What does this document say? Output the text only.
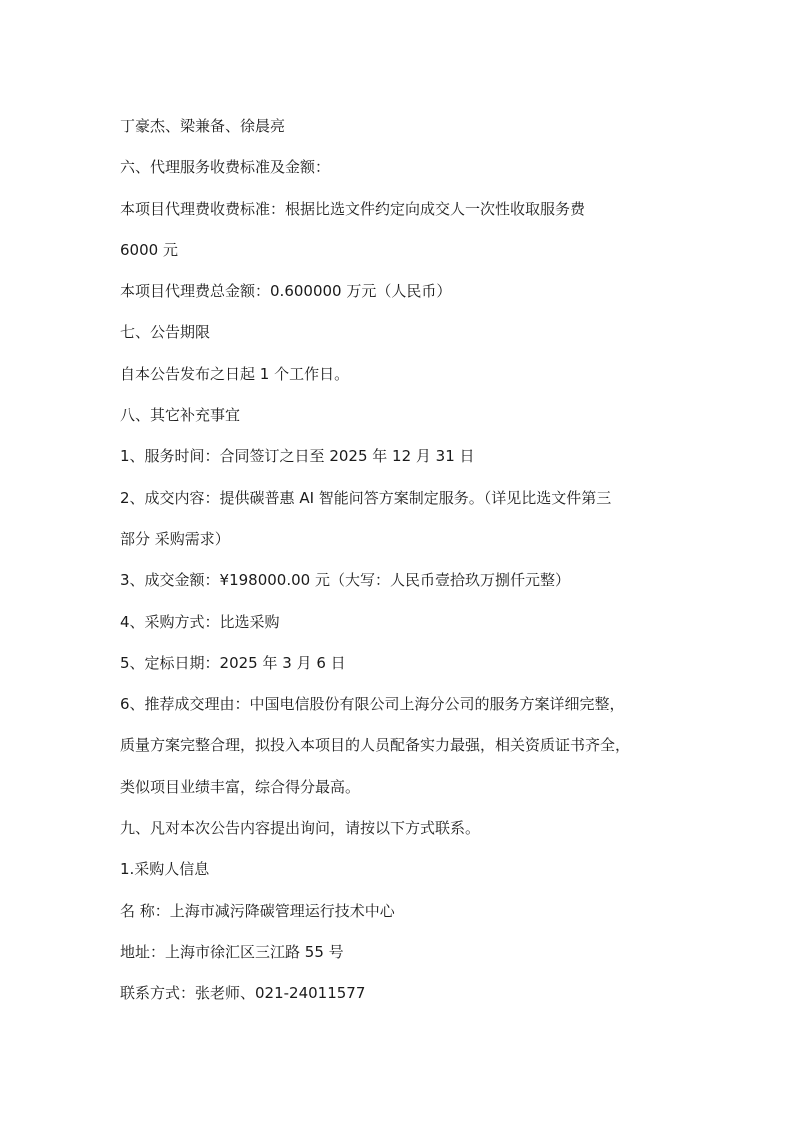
丁豪杰、梁兼备、徐晨亮
六、代理服务收费标准及金额：
本项目代理费收费标准：根据比选文件约定向成交人一次性收取服务费
6000 元
本项目代理费总金额：0.600000 万元（人民币）
七、公告期限
自本公告发布之日起 1 个工作日。
八、其它补充事宜
1、服务时间：合同签订之日至 2025 年 12 月 31 日
2、成交内容：提供碳普惠 AI 智能问答方案制定服务。（详见比选文件第三
部分 采购需求）
3、成交金额：¥198000.00 元（大写：人民币壹拾玖万捌仟元整）
4、采购方式：比选采购
5、定标日期：2025 年 3 月 6 日
6、推荐成交理由：中国电信股份有限公司上海分公司的服务方案详细完整，
质量方案完整合理，拟投入本项目的人员配备实力最强，相关资质证书齐全，
类似项目业绩丰富，综合得分最高。
九、凡对本次公告内容提出询问，请按以下方式联系。
1.采购人信息
名 称：上海市减污降碳管理运行技术中心
地址：上海市徐汇区三江路 55 号
联系方式：张老师、021-24011577
